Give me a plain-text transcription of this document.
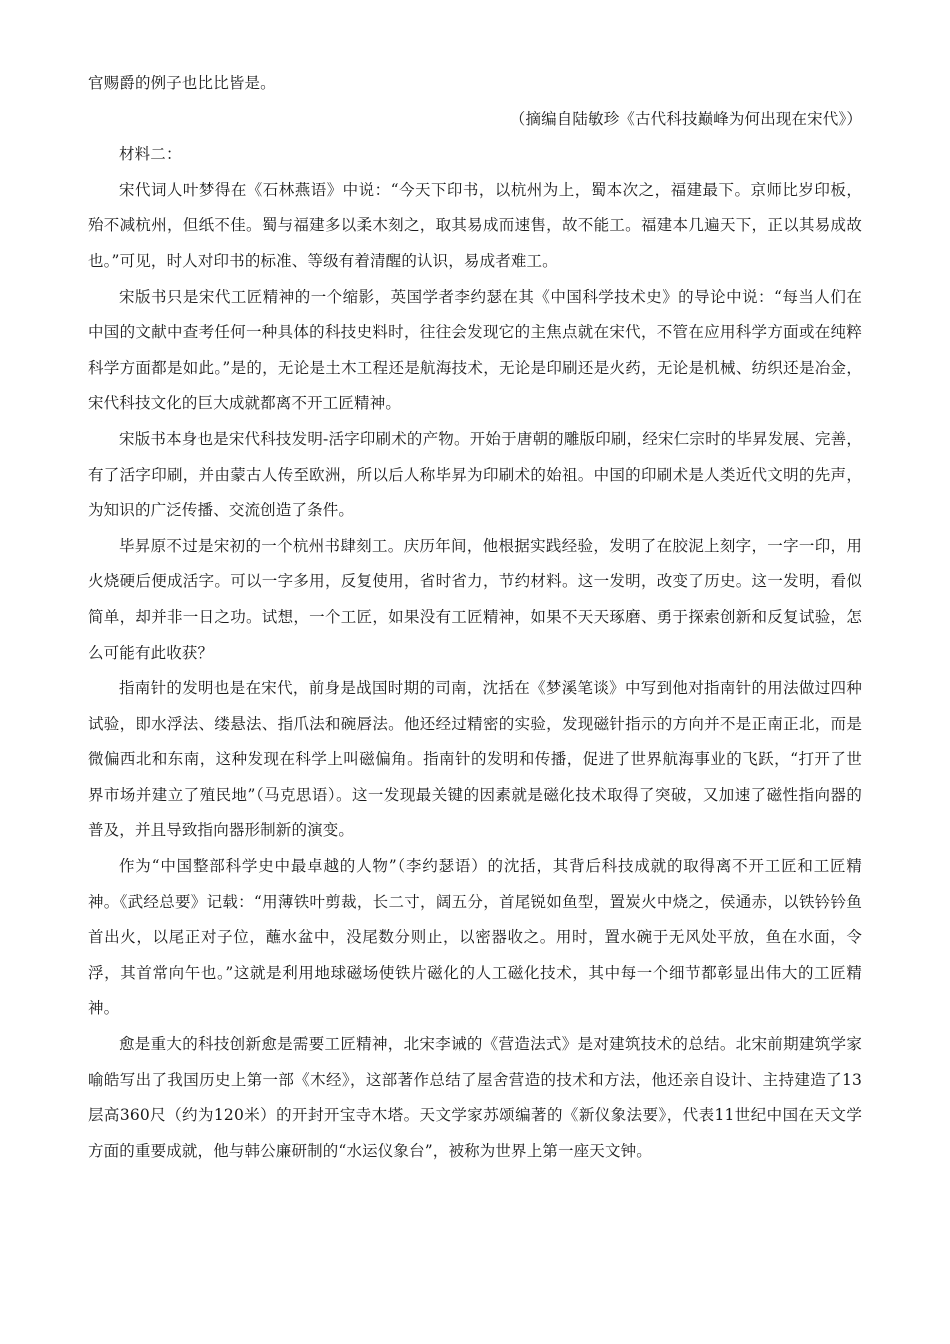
官赐爵的例子也比比皆是。

（摘编自陆敏珍《古代科技巅峰为何出现在宋代》）

材料二：

宋代词人叶梦得在《石林燕语》中说：“今天下印书，以杭州为上，蜀本次之，福建最下。京师比岁印板，殆不减杭州，但纸不佳。蜀与福建多以柔木刻之，取其易成而速售，故不能工。福建本几遍天下，正以其易成故也。”可见，时人对印书的标准、等级有着清醒的认识，易成者难工。

宋版书只是宋代工匠精神的一个缩影，英国学者李约瑟在其《中国科学技术史》的导论中说：“每当人们在中国的文献中查考任何一种具体的科技史料时，往往会发现它的主焦点就在宋代，不管在应用科学方面或在纯粹科学方面都是如此。”是的，无论是土木工程还是航海技术，无论是印刷还是火药，无论是机械、纺织还是冶金，宋代科技文化的巨大成就都离不开工匠精神。

宋版书本身也是宋代科技发明-活字印刷术的产物。开始于唐朝的雕版印刷，经宋仁宗时的毕昇发展、完善，有了活字印刷，并由蒙古人传至欧洲，所以后人称毕昇为印刷术的始祖。中国的印刷术是人类近代文明的先声，为知识的广泛传播、交流创造了条件。

毕昇原不过是宋初的一个杭州书肆刻工。庆历年间，他根据实践经验，发明了在胶泥上刻字，一字一印，用火烧硬后便成活字。可以一字多用，反复使用，省时省力，节约材料。这一发明，改变了历史。这一发明，看似简单，却并非一日之功。试想，一个工匠，如果没有工匠精神，如果不天天琢磨、勇于探索创新和反复试验，怎么可能有此收获？

指南针的发明也是在宋代，前身是战国时期的司南，沈括在《梦溪笔谈》中写到他对指南针的用法做过四种试验，即水浮法、缕悬法、指爪法和碗唇法。他还经过精密的实验，发现磁针指示的方向并不是正南正北，而是微偏西北和东南，这种发现在科学上叫磁偏角。指南针的发明和传播，促进了世界航海事业的飞跃，“打开了世界市场并建立了殖民地”（马克思语）。这一发现最关键的因素就是磁化技术取得了突破，又加速了磁性指向器的普及，并且导致指向器形制新的演变。

作为“中国整部科学史中最卓越的人物”（李约瑟语）的沈括，其背后科技成就的取得离不开工匠和工匠精神。《武经总要》记载：“用薄铁叶剪裁，长二寸，阔五分，首尾锐如鱼型，置炭火中烧之，侯通赤，以铁钤钤鱼首出火，以尾正对子位，蘸水盆中，没尾数分则止，以密器收之。用时，置水碗于无风处平放，鱼在水面，令浮，其首常向午也。”这就是利用地球磁场使铁片磁化的人工磁化技术，其中每一个细节都彰显出伟大的工匠精神。

愈是重大的科技创新愈是需要工匠精神，北宋李诫的《营造法式》是对建筑技术的总结。北宋前期建筑学家喻皓写出了我国历史上第一部《木经》，这部著作总结了屋舍营造的技术和方法，他还亲自设计、主持建造了13层高360尺（约为120米）的开封开宝寺木塔。天文学家苏颂编著的《新仪象法要》，代表11世纪中国在天文学方面的重要成就，他与韩公廉研制的“水运仪象台”，被称为世界上第一座天文钟。
